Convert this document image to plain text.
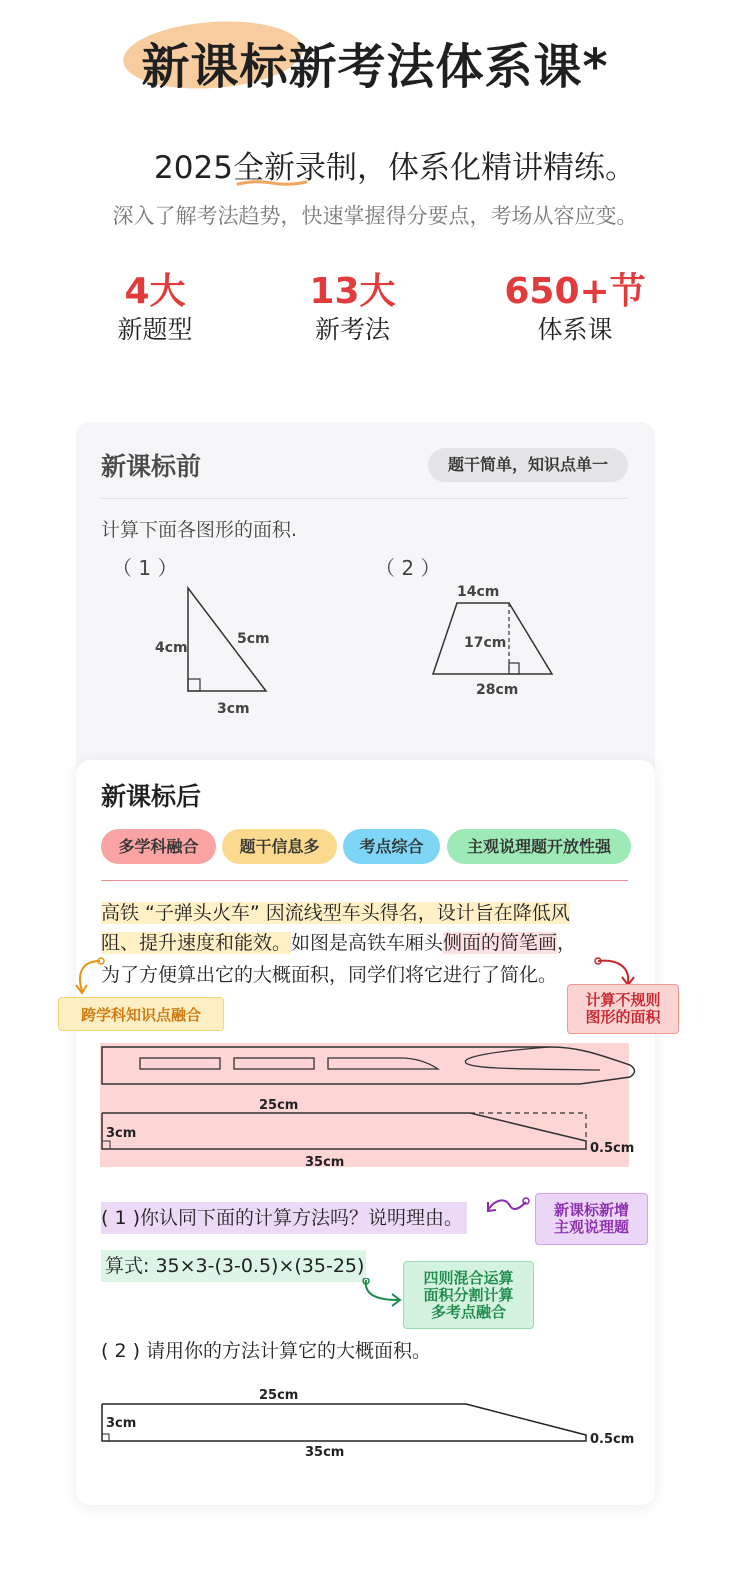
新课标新考法体系课*
2025全新录制，体系化精讲精练。
深入了解考法趋势，快速掌握得分要点，考场从容应变。
4大
新题型
13大
新考法
650+节
体系课
新课标前	题干简单，知识点单一
计算下面各图形的面积.
（ 1 ）	（ 2 ）
4cm
5cm
3cm
14cm
17cm
28cm
新课标后
多学科融合	题干信息多	考点综合	主观说理题开放性强
高铁 “子弹头火车” 因流线型车头得名，设计旨在降低风
阻、提升速度和能效。如图是高铁车厢头侧面的简笔画，
为了方便算出它的大概面积，同学们将它进行了简化。
跨学科知识点融合
计算不规则
图形的面积
25cm
3cm
35cm
0.5cm
( 1 )你认同下面的计算方法吗？说明理由。	新课标新增
主观说理题
算式: 35×3-(3-0.5)×(35-25)
四则混合运算
面积分割计算
多考点融合
( 2 ) 请用你的方法计算它的大概面积。
25cm
3cm
35cm
0.5cm
